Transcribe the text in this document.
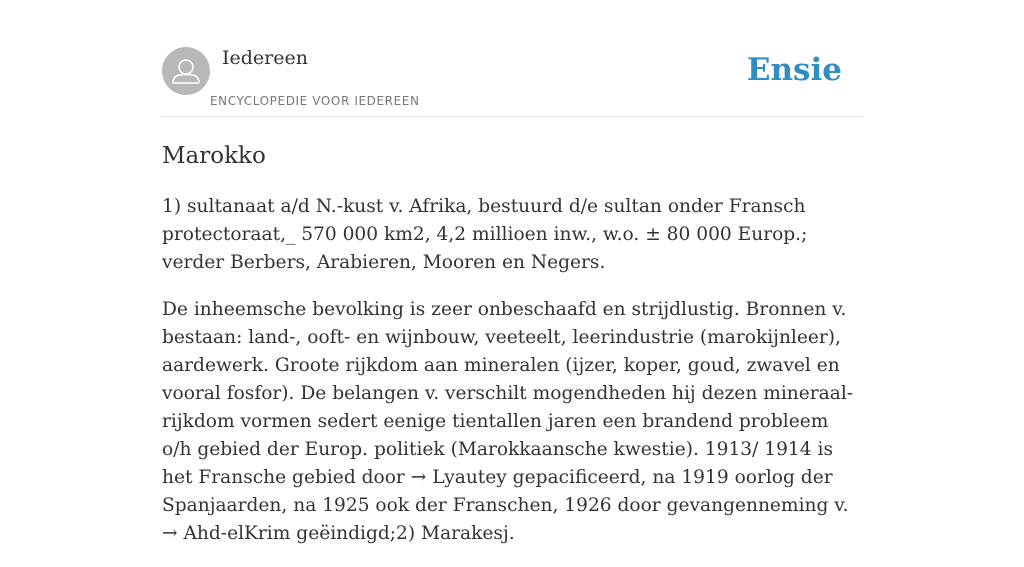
Iedereen
ENCYCLOPEDIE VOOR IEDEREEN
Ensie
Marokko

1) sultanaat a/d N.-kust v. Afrika, bestuurd d/e sultan onder Fransch protectoraat,_ 570 000 km2, 4,2 millioen inw., w.o. ± 80 000 Europ.; verder Berbers, Arabieren, Mooren en Negers.

De inheemsche bevolking is zeer onbeschaafd en strijdlustig. Bronnen v. bestaan: land-, ooft- en wijnbouw, veeteelt, leerindustrie (marokijnleer), aardewerk. Groote rijkdom aan mineralen (ijzer, koper, goud, zwavel en vooral fosfor). De belangen v. verschilt mogendheden hij dezen mineraal-rijkdom vormen sedert eenige tientallen jaren een brandend probleem o/h gebied der Europ. politiek (Marokkaansche kwestie). 1913/ 1914 is het Fransche gebied door → Lyautey gepacificeerd, na 1919 oorlog der Spanjaarden, na 1925 ook der Franschen, 1926 door gevangenneming v. → Ahd-elKrim geëindigd;2) Marakesj.
